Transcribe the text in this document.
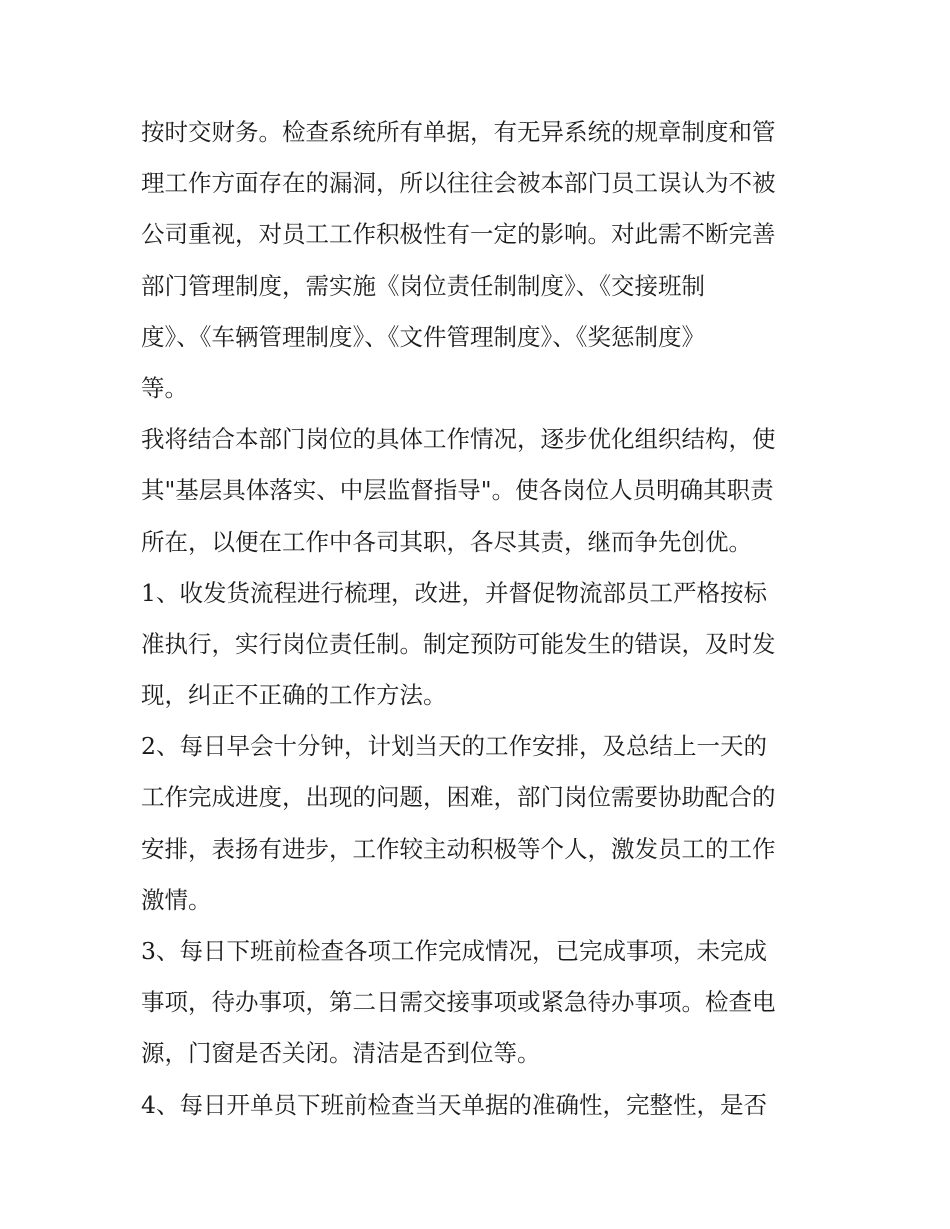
按时交财务。检查系统所有单据，有无异系统的规章制度和管
理工作方面存在的漏洞，所以往往会被本部门员工误认为不被
公司重视，对员工工作积极性有一定的影响。对此需不断完善
部门管理制度，需实施《岗位责任制制度》、《交接班制
度》、《车辆管理制度》、《文件管理制度》、《奖惩制度》
等。
我将结合本部门岗位的具体工作情况，逐步优化组织结构，使
其"基层具体落实、中层监督指导"。使各岗位人员明确其职责
所在，以便在工作中各司其职，各尽其责，继而争先创优。
1、收发货流程进行梳理，改进，并督促物流部员工严格按标
准执行，实行岗位责任制。制定预防可能发生的错误，及时发
现，纠正不正确的工作方法。
2、每日早会十分钟，计划当天的工作安排，及总结上一天的
工作完成进度，出现的问题，困难，部门岗位需要协助配合的
安排，表扬有进步，工作较主动积极等个人，激发员工的工作
激情。
3、每日下班前检查各项工作完成情况，已完成事项，未完成
事项，待办事项，第二日需交接事项或紧急待办事项。检查电
源，门窗是否关闭。清洁是否到位等。
4、每日开单员下班前检查当天单据的准确性，完整性，是否
